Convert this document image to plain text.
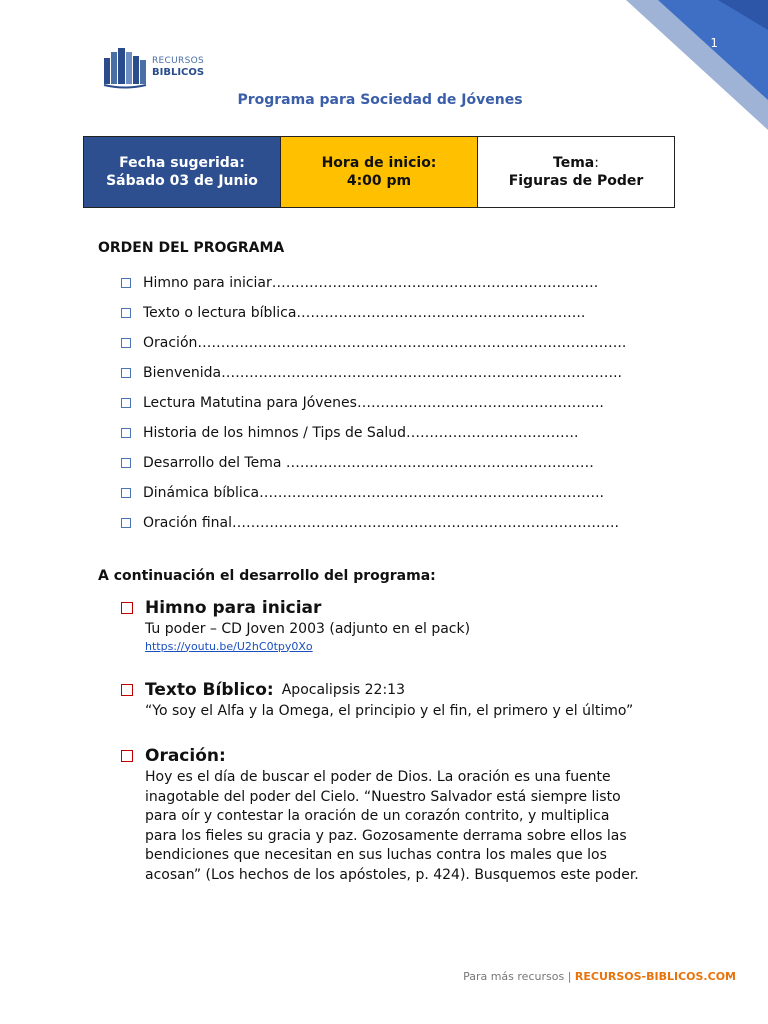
1
RECURSOS
BIBLICOS
Programa para Sociedad de Jóvenes
Fecha sugerida:
Sábado 03 de Junio
Hora de inicio:
4:00 pm
Tema:
Figuras de Poder
ORDEN DEL PROGRAMA
Himno para iniciar…………………………………………………………….
Texto o lectura bíblica……………………………………………………..
Oración………………………………………………………………………………..
Bienvenida…………………………………………………………………………..
Lectura Matutina para Jóvenes……………………………………………..
Historia de los himnos / Tips de Salud……………………………….
Desarrollo del Tema …………………………………………………………
Dinámica bíblica………………………………………………………………..
Oración final………………………………………………………………………..
A continuación el desarrollo del programa:
Himno para iniciar
Tu poder – CD Joven 2003 (adjunto en el pack)
https://youtu.be/U2hC0tpy0Xo
Texto Bíblico: Apocalipsis 22:13
“Yo soy el Alfa y la Omega, el principio y el fin, el primero y el último”
Oración:
Hoy es el día de buscar el poder de Dios. La oración es una fuente
inagotable del poder del Cielo. “Nuestro Salvador está siempre listo
para oír y contestar la oración de un corazón contrito, y multiplica
para los fieles su gracia y paz. Gozosamente derrama sobre ellos las
bendiciones que necesitan en sus luchas contra los males que los
acosan” (Los hechos de los apóstoles, p. 424). Busquemos este poder.
Para más recursos | RECURSOS-BIBLICOS.COM
